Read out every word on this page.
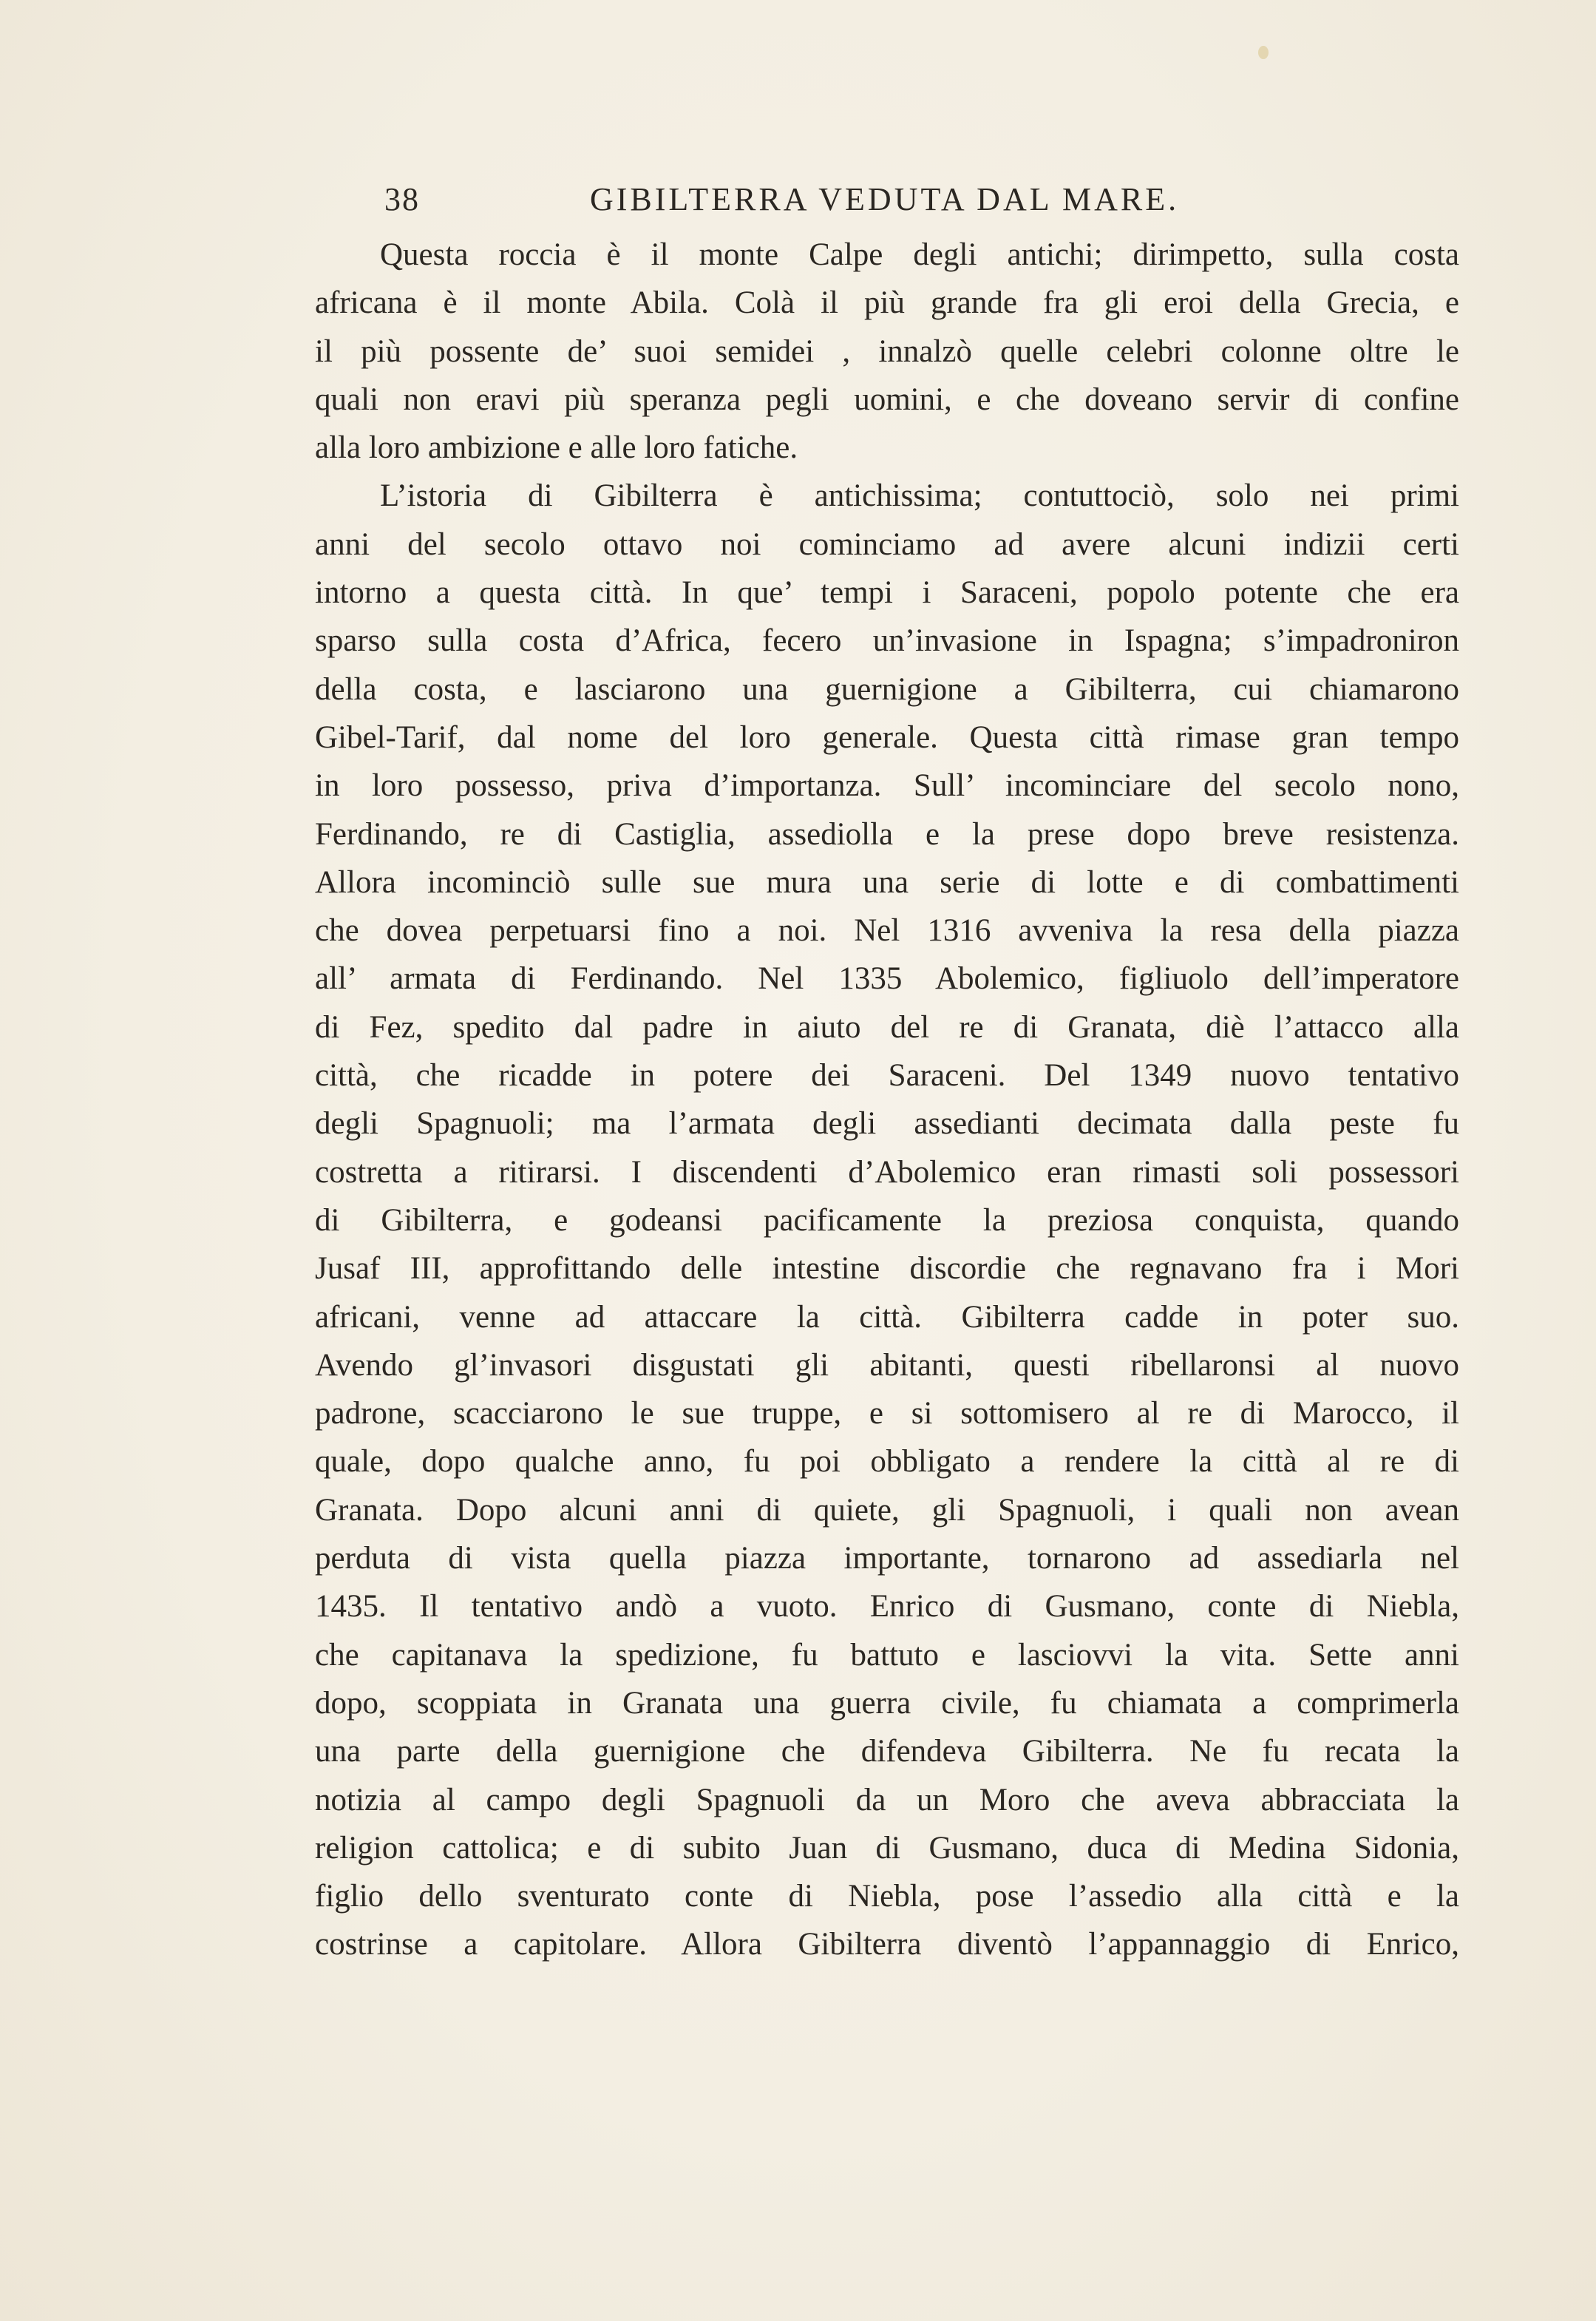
38	GIBILTERRA VEDUTA DAL MARE.
Questa roccia è il monte Calpe degli antichi; dirimpetto, sulla costa
africana è il monte Abila. Colà il più grande fra gli eroi della Grecia, e
il più possente de’ suoi semidei , innalzò quelle celebri colonne oltre le
quali non eravi più speranza pegli uomini, e che doveano servir di confine
alla loro ambizione e alle loro fatiche.
L’istoria di Gibilterra è antichissima; contuttociò, solo nei primi
anni del secolo ottavo noi cominciamo ad avere alcuni indizii certi
intorno a questa città. In que’ tempi i Saraceni, popolo potente che era
sparso sulla costa d’Africa, fecero un’invasione in Ispagna; s’impadroniron
della costa, e lasciarono una guernigione a Gibilterra, cui chiamarono
Gibel-Tarif, dal nome del loro generale. Questa città rimase gran tempo
in loro possesso, priva d’importanza. Sull’ incominciare del secolo nono,
Ferdinando, re di Castiglia, assediolla e la prese dopo breve resistenza.
Allora incominciò sulle sue mura una serie di lotte e di combattimenti
che dovea perpetuarsi fino a noi. Nel 1316 avveniva la resa della piazza
all’ armata di Ferdinando. Nel 1335 Abolemico, figliuolo dell’imperatore
di Fez, spedito dal padre in aiuto del re di Granata, diè l’attacco alla
città, che ricadde in potere dei Saraceni. Del 1349 nuovo tentativo
degli Spagnuoli; ma l’armata degli assedianti decimata dalla peste fu
costretta a ritirarsi. I discendenti d’Abolemico eran rimasti soli possessori
di Gibilterra, e godeansi pacificamente la preziosa conquista, quando
Jusaf III, approfittando delle intestine discordie che regnavano fra i Mori
africani, venne ad attaccare la città. Gibilterra cadde in poter suo.
Avendo gl’invasori disgustati gli abitanti, questi ribellaronsi al nuovo
padrone, scacciarono le sue truppe, e si sottomisero al re di Marocco, il
quale, dopo qualche anno, fu poi obbligato a rendere la città al re di
Granata. Dopo alcuni anni di quiete, gli Spagnuoli, i quali non avean
perduta di vista quella piazza importante, tornarono ad assediarla nel
1435. Il tentativo andò a vuoto. Enrico di Gusmano, conte di Niebla,
che capitanava la spedizione, fu battuto e lasciovvi la vita. Sette anni
dopo, scoppiata in Granata una guerra civile, fu chiamata a comprimerla
una parte della guernigione che difendeva Gibilterra. Ne fu recata la
notizia al campo degli Spagnuoli da un Moro che aveva abbracciata la
religion cattolica; e di subito Juan di Gusmano, duca di Medina Sidonia,
figlio dello sventurato conte di Niebla, pose l’assedio alla città e la
costrinse a capitolare. Allora Gibilterra diventò l’appannaggio di Enrico,
